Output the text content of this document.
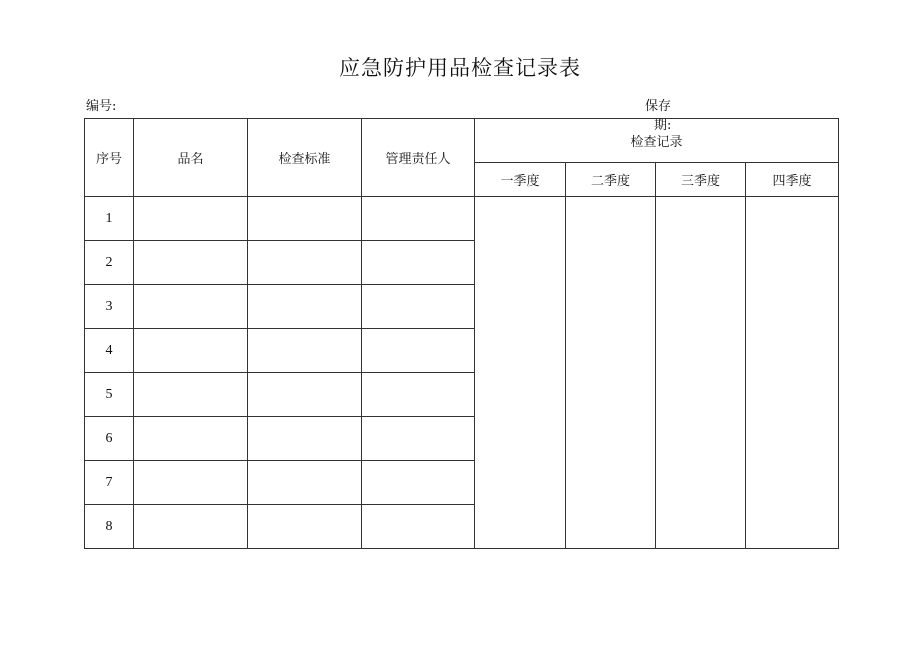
应急防护用品检查记录表
编号:	保存
期:
序号	品名	检查标准	管理责任人	检查记录			
				一季度	二季度	三季度	四季度
1							
2							
3							
4							
5							
6							
7							
8							
